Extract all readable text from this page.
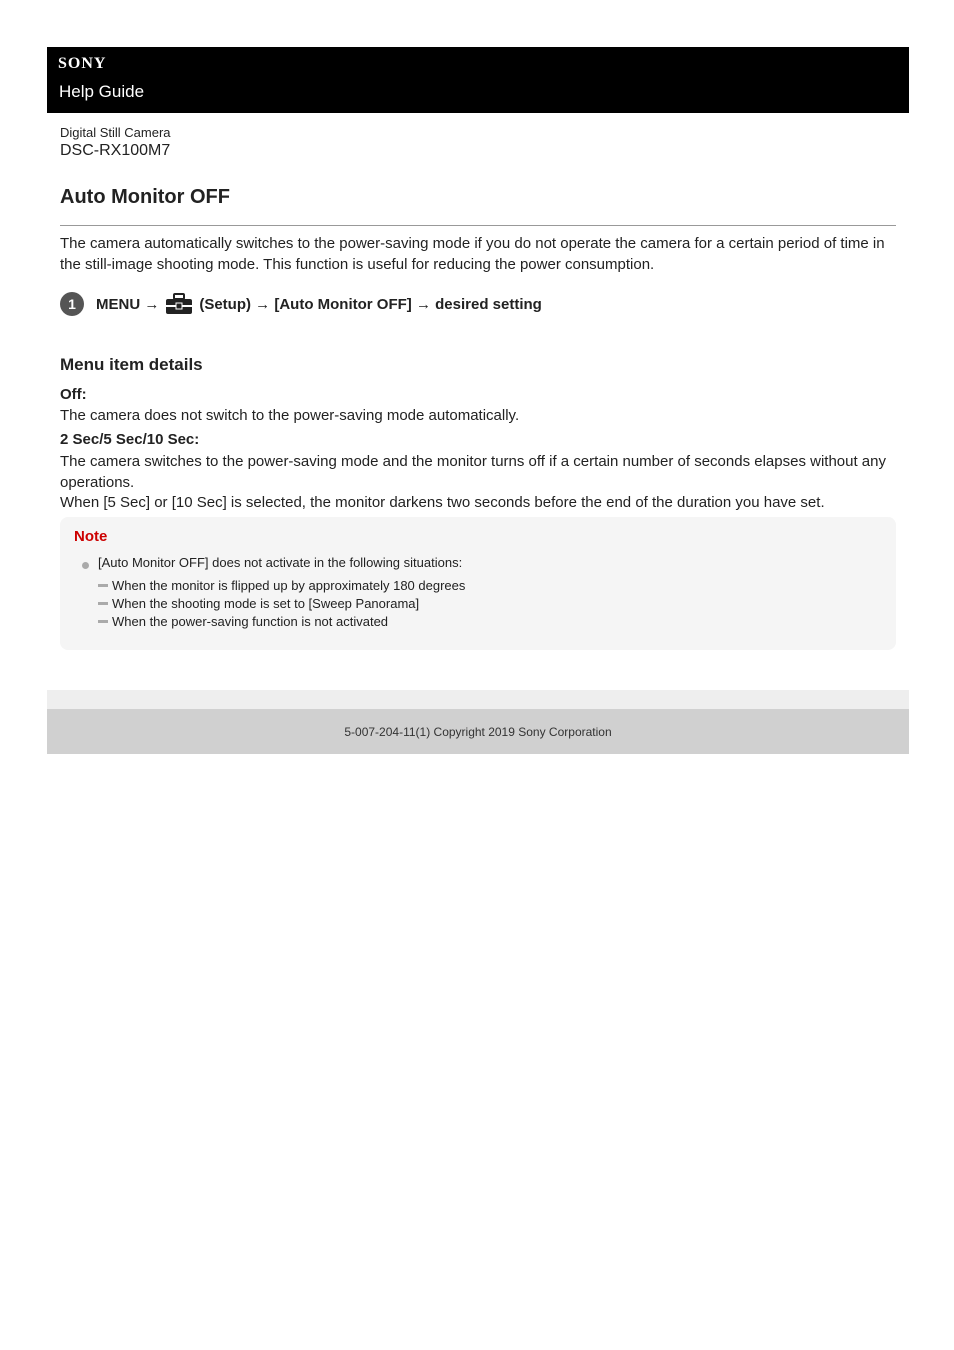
SONY
Help Guide
Digital Still Camera
DSC-RX100M7
Auto Monitor OFF

The camera automatically switches to the power-saving mode if you do not operate the camera for a certain period of time in the still-image shooting mode. This function is useful for reducing the power consumption.

1	MENU →	(Setup) → [Auto Monitor OFF] → desired setting
Menu item details
Off:

The camera does not switch to the power-saving mode automatically.

2 Sec/5 Sec/10 Sec:

The camera switches to the power-saving mode and the monitor turns off if a certain number of seconds elapses without any operations.

When [5 Sec] or [10 Sec] is selected, the monitor darkens two seconds before the end of the duration you have set.

Note
[Auto Monitor OFF] does not activate in the following situations:
When the monitor is flipped up by approximately 180 degrees
When the shooting mode is set to [Sweep Panorama]
When the power-saving function is not activated
5-007-204-11(1) Copyright 2019 Sony Corporation
